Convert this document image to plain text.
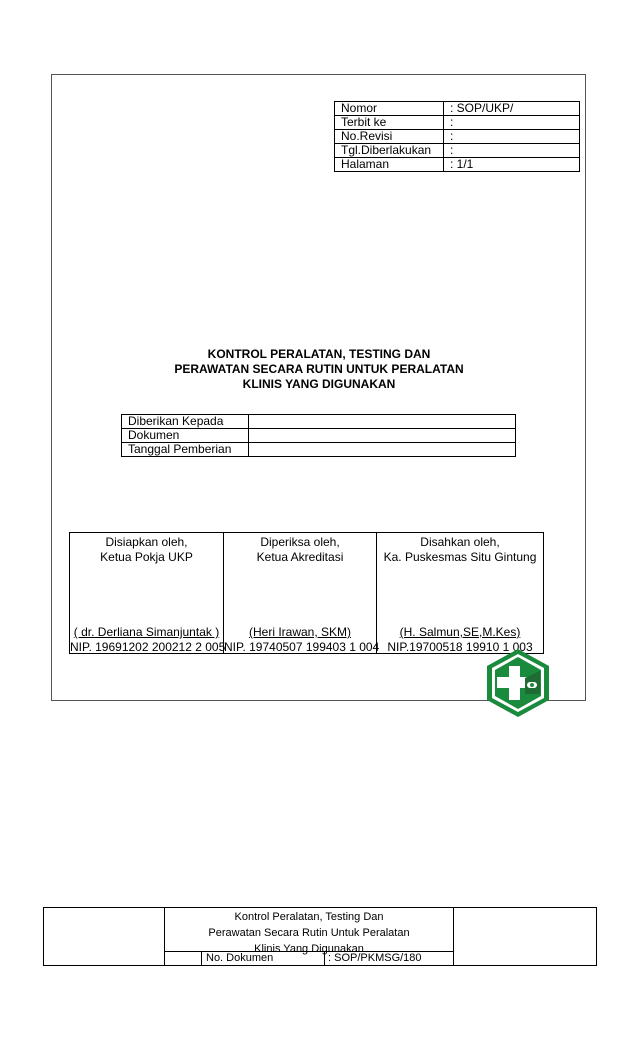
Nomor	: SOP/UKP/
Terbit ke	:
No.Revisi	:
Tgl.Diberlakukan	:
Halaman	: 1/1
KONTROL PERALATAN, TESTING DAN
PERAWATAN SECARA RUTIN UNTUK PERALATAN
KLINIS YANG DIGUNAKAN
Diberikan Kepada	
Dokumen	
Tanggal Pemberian	
Disiapkan oleh,
Ketua Pokja UKP
( dr. Derliana Simanjuntak )
NIP. 19691202 200212 2 005

Diperiksa oleh,
Ketua Akreditasi
(Heri Irawan, SKM)
NIP. 19740507 199403 1 004

Disahkan oleh,
Ka. Puskesmas Situ Gintung
(H. Salmun,SE,M.Kes)
NIP.19700518 19910 1 003

Kontrol Peralatan, Testing Dan
Perawatan Secara Rutin Untuk Peralatan
Klinis Yang Digunakan
	No. Dokumen	: SOP/PKMSG/180
